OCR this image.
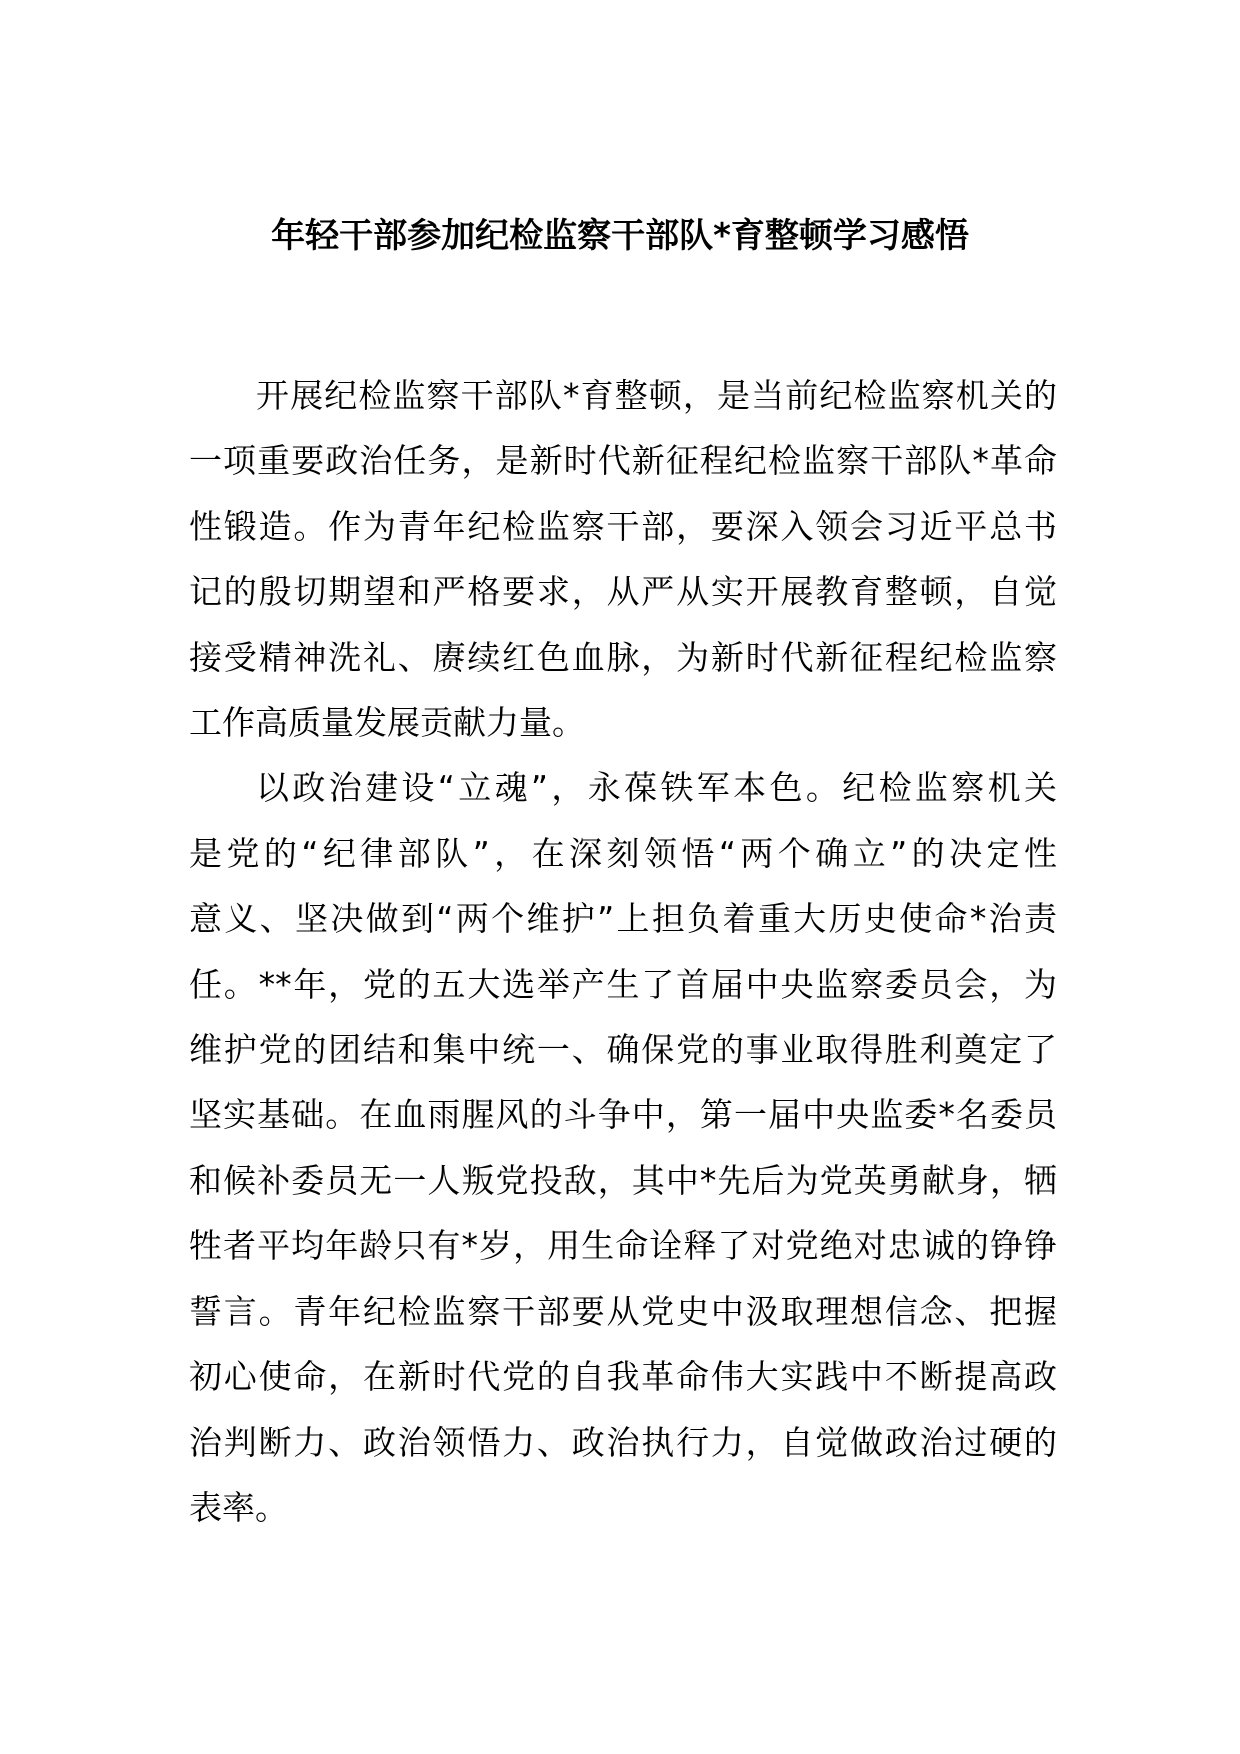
年轻干部参加纪检监察干部队*育整顿学习感悟
开展纪检监察干部队*育整顿，是当前纪检监察机关的
一项重要政治任务，是新时代新征程纪检监察干部队*革命
性锻造。作为青年纪检监察干部，要深入领会习近平总书
记的殷切期望和严格要求，从严从实开展教育整顿，自觉
接受精神洗礼、赓续红色血脉，为新时代新征程纪检监察
工作高质量发展贡献力量。
以政治建设“立魂”，永葆铁军本色。纪检监察机关
是党的“纪律部队”，在深刻领悟“两个确立”的决定性
意义、坚决做到“两个维护”上担负着重大历史使命*治责
任。**年，党的五大选举产生了首届中央监察委员会，为
维护党的团结和集中统一、确保党的事业取得胜利奠定了
坚实基础。在血雨腥风的斗争中，第一届中央监委*名委员
和候补委员无一人叛党投敌，其中*先后为党英勇献身，牺
牲者平均年龄只有*岁，用生命诠释了对党绝对忠诚的铮铮
誓言。青年纪检监察干部要从党史中汲取理想信念、把握
初心使命，在新时代党的自我革命伟大实践中不断提高政
治判断力、政治领悟力、政治执行力，自觉做政治过硬的
表率。
